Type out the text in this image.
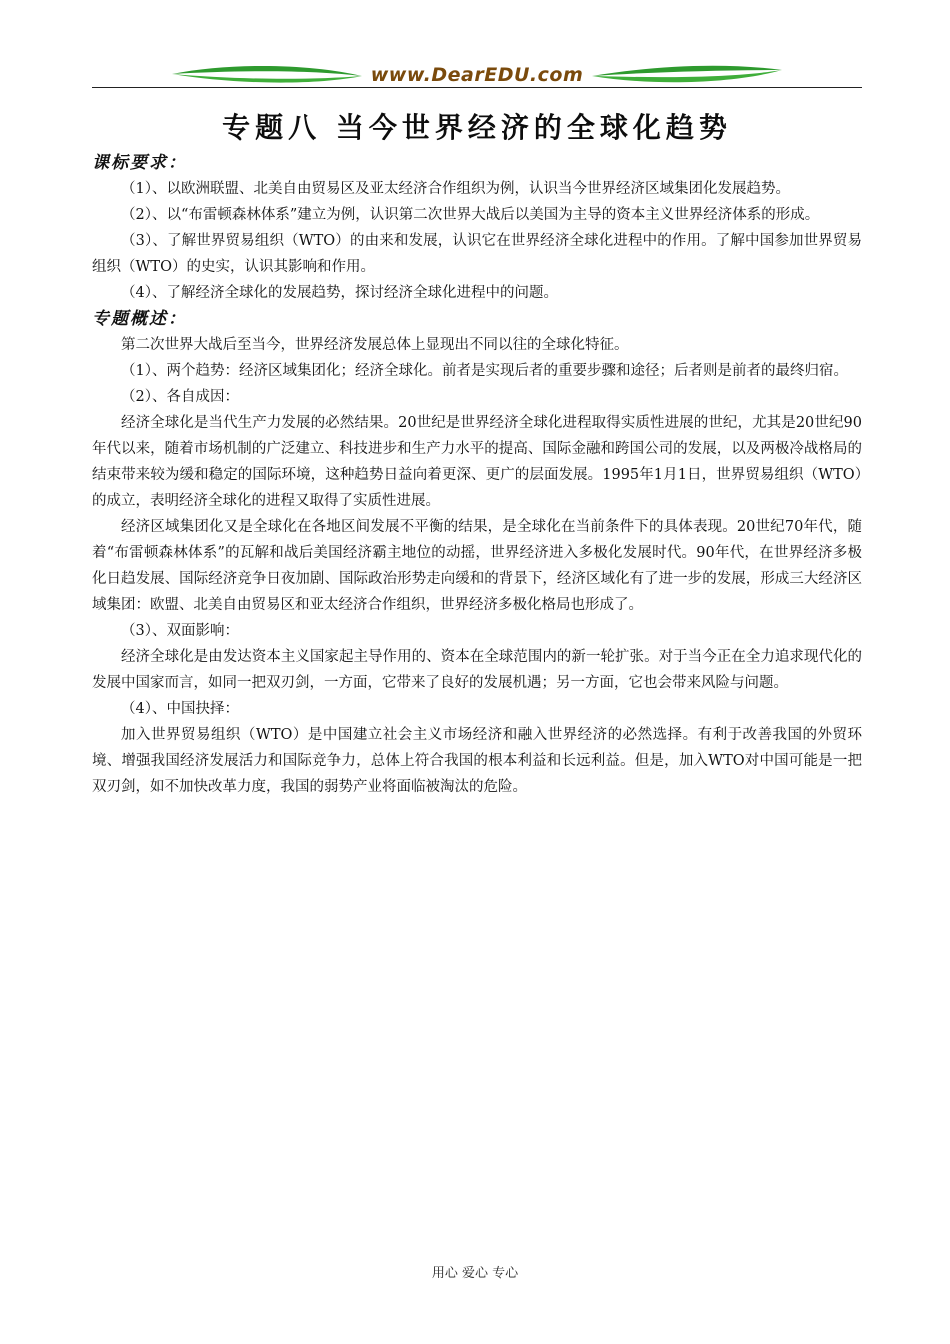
www.DearEDU.com
专题八 当今世界经济的全球化趋势

课标要求：

（1）、以欧洲联盟、北美自由贸易区及亚太经济合作组织为例，认识当今世界经济区域集团化发展趋势。

（2）、以“布雷顿森林体系”建立为例，认识第二次世界大战后以美国为主导的资本主义世界经济体系的形成。

（3）、了解世界贸易组织（WTO）的由来和发展，认识它在世界经济全球化进程中的作用。了解中国参加世界贸易组织（WTO）的史实，认识其影响和作用。

（4）、了解经济全球化的发展趋势，探讨经济全球化进程中的问题。

专题概述：

第二次世界大战后至当今，世界经济发展总体上显现出不同以往的全球化特征。

（1）、两个趋势：经济区域集团化；经济全球化。前者是实现后者的重要步骤和途径；后者则是前者的最终归宿。

（2）、各自成因：

经济全球化是当代生产力发展的必然结果。20世纪是世界经济全球化进程取得实质性进展的世纪，尤其是20世纪90年代以来，随着市场机制的广泛建立、科技进步和生产力水平的提高、国际金融和跨国公司的发展，以及两极冷战格局的结束带来较为缓和稳定的国际环境，这种趋势日益向着更深、更广的层面发展。1995年1月1日，世界贸易组织（WTO）的成立，表明经济全球化的进程又取得了实质性进展。

经济区域集团化又是全球化在各地区间发展不平衡的结果，是全球化在当前条件下的具体表现。20世纪70年代，随着“布雷顿森林体系”的瓦解和战后美国经济霸主地位的动摇，世界经济进入多极化发展时代。90年代，在世界经济多极化日趋发展、国际经济竞争日夜加剧、国际政治形势走向缓和的背景下，经济区域化有了进一步的发展，形成三大经济区域集团：欧盟、北美自由贸易区和亚太经济合作组织，世界经济多极化格局也形成了。

（3）、双面影响：

经济全球化是由发达资本主义国家起主导作用的、资本在全球范围内的新一轮扩张。对于当今正在全力追求现代化的发展中国家而言，如同一把双刃剑，一方面，它带来了良好的发展机遇；另一方面，它也会带来风险与问题。

（4）、中国抉择：

加入世界贸易组织（WTO）是中国建立社会主义市场经济和融入世界经济的必然选择。有利于改善我国的外贸环境、增强我国经济发展活力和国际竞争力，总体上符合我国的根本利益和长远利益。但是，加入WTO对中国可能是一把双刃剑，如不加快改革力度，我国的弱势产业将面临被淘汰的危险。

用心 爱心 专心
